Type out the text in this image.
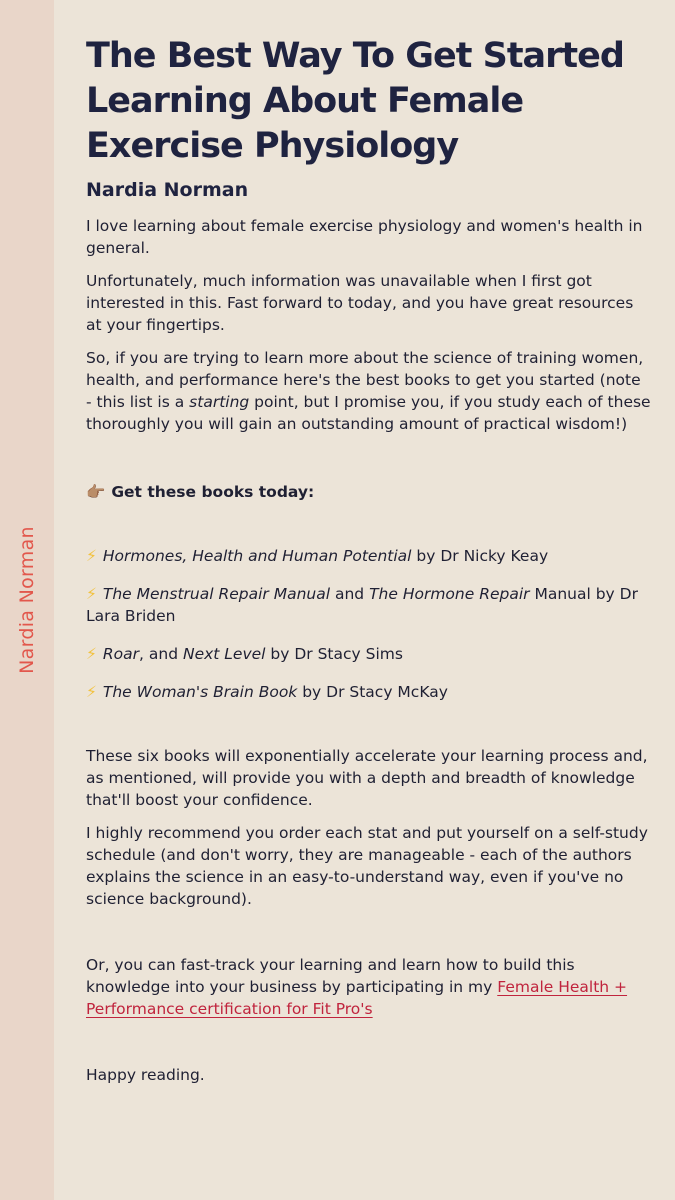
Nardia Norman
The Best Way To Get Started Learning About Female Exercise Physiology
Nardia Norman

I love learning about female exercise physiology and women's health in general.

Unfortunately, much information was unavailable when I first got interested in this. Fast forward to today, and you have great resources at your fingertips.

So, if you are trying to learn more about the science of training women, health, and performance here's the best books to get you started (note - this list is a starting point, but I promise you, if you study each of these thoroughly you will gain an outstanding amount of practical wisdom!)

👉🏽 Get these books today:

⚡ Hormones, Health and Human Potential by Dr Nicky Keay

⚡ The Menstrual Repair Manual and The Hormone Repair Manual by Dr Lara Briden

⚡ Roar, and Next Level by Dr Stacy Sims

⚡ The Woman's Brain Book by Dr Stacy McKay

These six books will exponentially accelerate your learning process and, as mentioned, will provide you with a depth and breadth of knowledge that'll boost your confidence.

I highly recommend you order each stat and put yourself on a self-study schedule (and don't worry, they are manageable - each of the authors explains the science in an easy-to-understand way, even if you've no science background).

Or, you can fast-track your learning and learn how to build this knowledge into your business by participating in my Female Health + Performance certification for Fit Pro's

Happy reading.
